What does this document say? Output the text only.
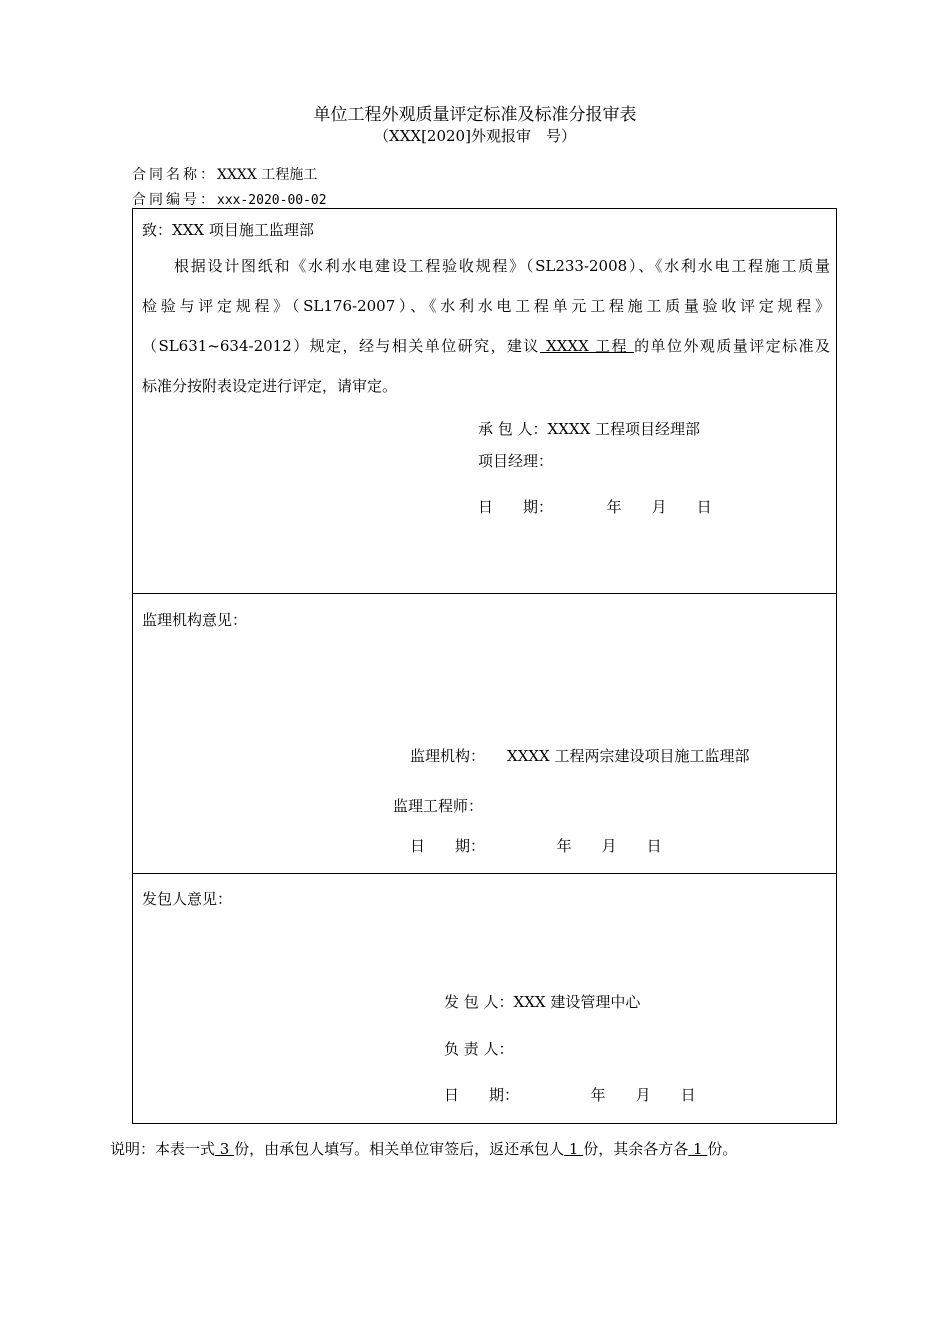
单位工程外观质量评定标准及标准分报审表
（XXX[2020]外观报审　号）
合同名称：XXXX 工程施工
合同编号：xxx-2020-00-02
致：XXX 项目施工监理部
根据设计图纸和《水利水电建设工程验收规程》（SL233-2008）、《水利水电工程施工质量
检验与评定规程》（SL176-2007）、《水利水电工程单元工程施工质量验收评定规程》
（SL631~634-2012）规定，经与相关单位研究，建议 XXXX 工程 的单位外观质量评定标准及
标准分按附表设定进行评定，请审定。
承 包 人：XXXX 工程项目经理部
项目经理：
日　　期：	年　　月　　日
监理机构意见：
监理机构： XXXX 工程两宗建设项目施工监理部
监理工程师：
日　　期：	年　　月　　日
发包人意见：
发 包 人：XXX 建设管理中心
负 责 人：
日　　期：	年　　月　　日
说明：本表一式 3 份，由承包人填写。相关单位审签后，返还承包人 1 份，其余各方各 1 份。
